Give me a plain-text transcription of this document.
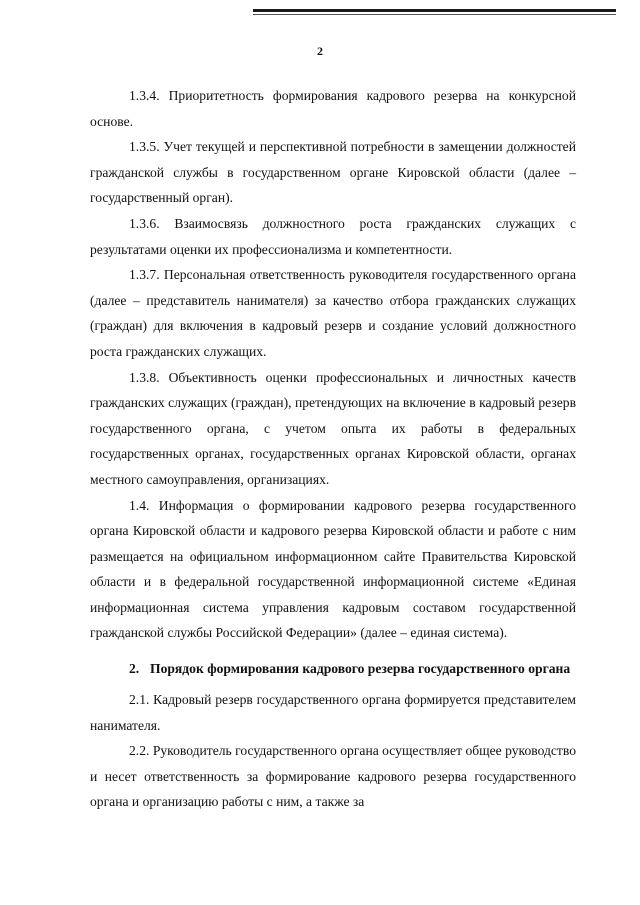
2

1.3.4. Приоритетность формирования кадрового резерва на конкурсной основе.

1.3.5. Учет текущей и перспективной потребности в замещении должностей гражданской службы в государственном органе Кировской области (далее – государственный орган).

1.3.6. Взаимосвязь должностного роста гражданских служащих с результатами оценки их профессионализма и компетентности.

1.3.7. Персональная ответственность руководителя государственного органа (далее – представитель нанимателя) за качество отбора гражданских служащих (граждан) для включения в кадровый резерв и создание условий должностного роста гражданских служащих.

1.3.8. Объективность оценки профессиональных и личностных качеств гражданских служащих (граждан), претендующих на включение в кадровый резерв государственного органа, с учетом опыта их работы в федеральных государственных органах, государственных органах Кировской области, органах местного самоуправления, организациях.

1.4. Информация о формировании кадрового резерва государственного органа Кировской области и кадрового резерва Кировской области и работе с ним размещается на официальном информационном сайте Правительства Кировской области и в федеральной государственной информационной системе «Единая информационная система управления кадровым составом государственной гражданской службы Российской Федерации» (далее – единая система).

2. Порядок формирования кадрового резерва государственного органа

2.1. Кадровый резерв государственного органа формируется представителем нанимателя.

2.2. Руководитель государственного органа осуществляет общее руководство и несет ответственность за формирование кадрового резерва государственного органа и организацию работы с ним, а также за
